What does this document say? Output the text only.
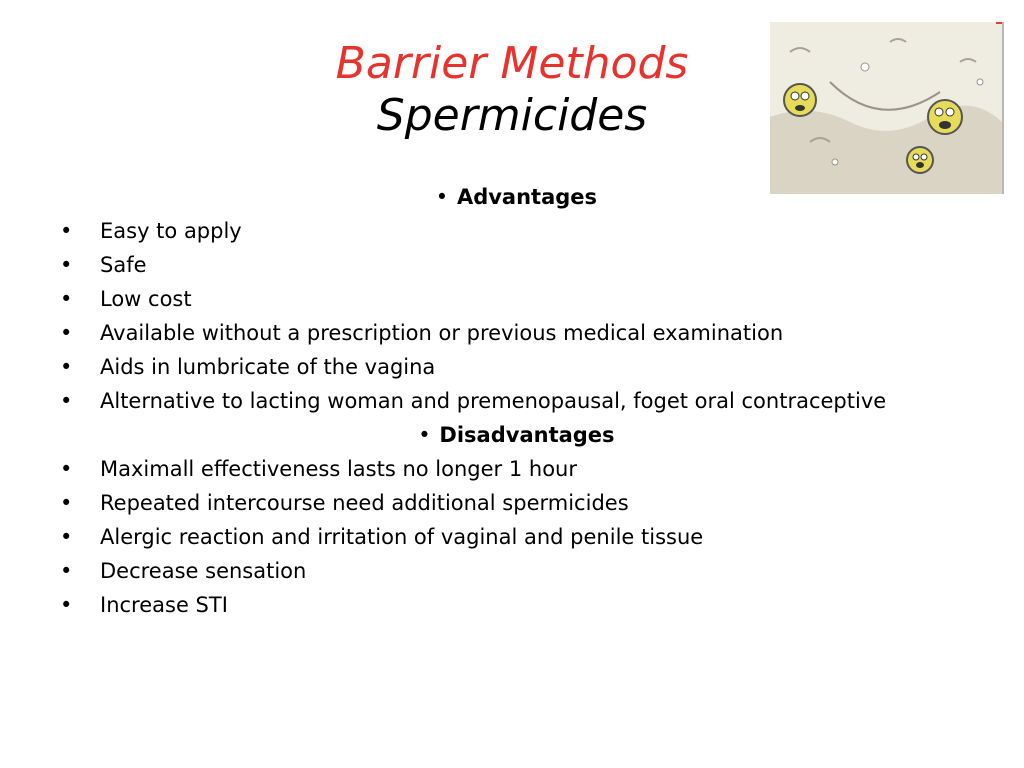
Barrier Methods
Spermicides
• Advantages
• Easy to apply
• Safe
• Low cost
• Available without a prescription or previous medical examination
• Aids in lumbricate of the vagina
• Alternative to lacting woman and premenopausal, foget oral contraceptive
• Disadvantages
• Maximall effectiveness lasts no longer 1 hour
• Repeated intercourse need additional spermicides
• Alergic reaction and irritation of vaginal and penile tissue
• Decrease sensation
• Increase STI
